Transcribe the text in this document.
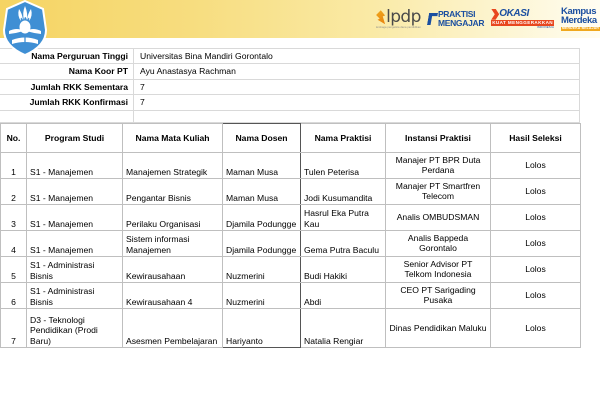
lpdp
lembaga pengelola dana pendidikan
PRAKTISI
MENGAJAR
OKASI
KUAT MENGGERAKKAN
INDONESIA
Kampus
Merdeka
MERDEKA BELAJAR
Nama Perguruan Tinggi	Universitas Bina Mandiri Gorontalo
Nama Koor PT	Ayu Anastasya Rachman
Jumlah RKK Sementara	7
Jumlah RKK Konfirmasi	7

No.	Program Studi	Nama Mata Kuliah	Nama Dosen	Nama Praktisi	Instansi Praktisi	Hasil Seleksi
1	S1 - Manajemen	Manajemen Strategik	Maman Musa	Tulen Peterisa	Manajer PT BPR Duta Perdana	Lolos
2	S1 - Manajemen	Pengantar Bisnis	Maman Musa	Jodi Kusumandita	Manajer PT Smartfren Telecom	Lolos
3	S1 - Manajemen	Perilaku Organisasi	Djamila Podungge	Hasrul Eka Putra Kau	Analis OMBUDSMAN	Lolos
4	S1 - Manajemen	Sistem informasi Manajemen	Djamila Podungge	Gema Putra Baculu	Analis Bappeda Gorontalo	Lolos
5	S1 - Administrasi Bisnis	Kewirausahaan	Nuzmerini	Budi Hakiki	Senior Advisor PT Telkom Indonesia	Lolos
6	S1 - Administrasi Bisnis	Kewirausahaan 4	Nuzmerini	Abdi	CEO PT Sarigading Pusaka	Lolos
7	D3 - Teknologi Pendidikan (Prodi Baru)	Asesmen Pembelajaran	Hariyanto	Natalia Rengiar	Dinas Pendidikan Maluku	Lolos
